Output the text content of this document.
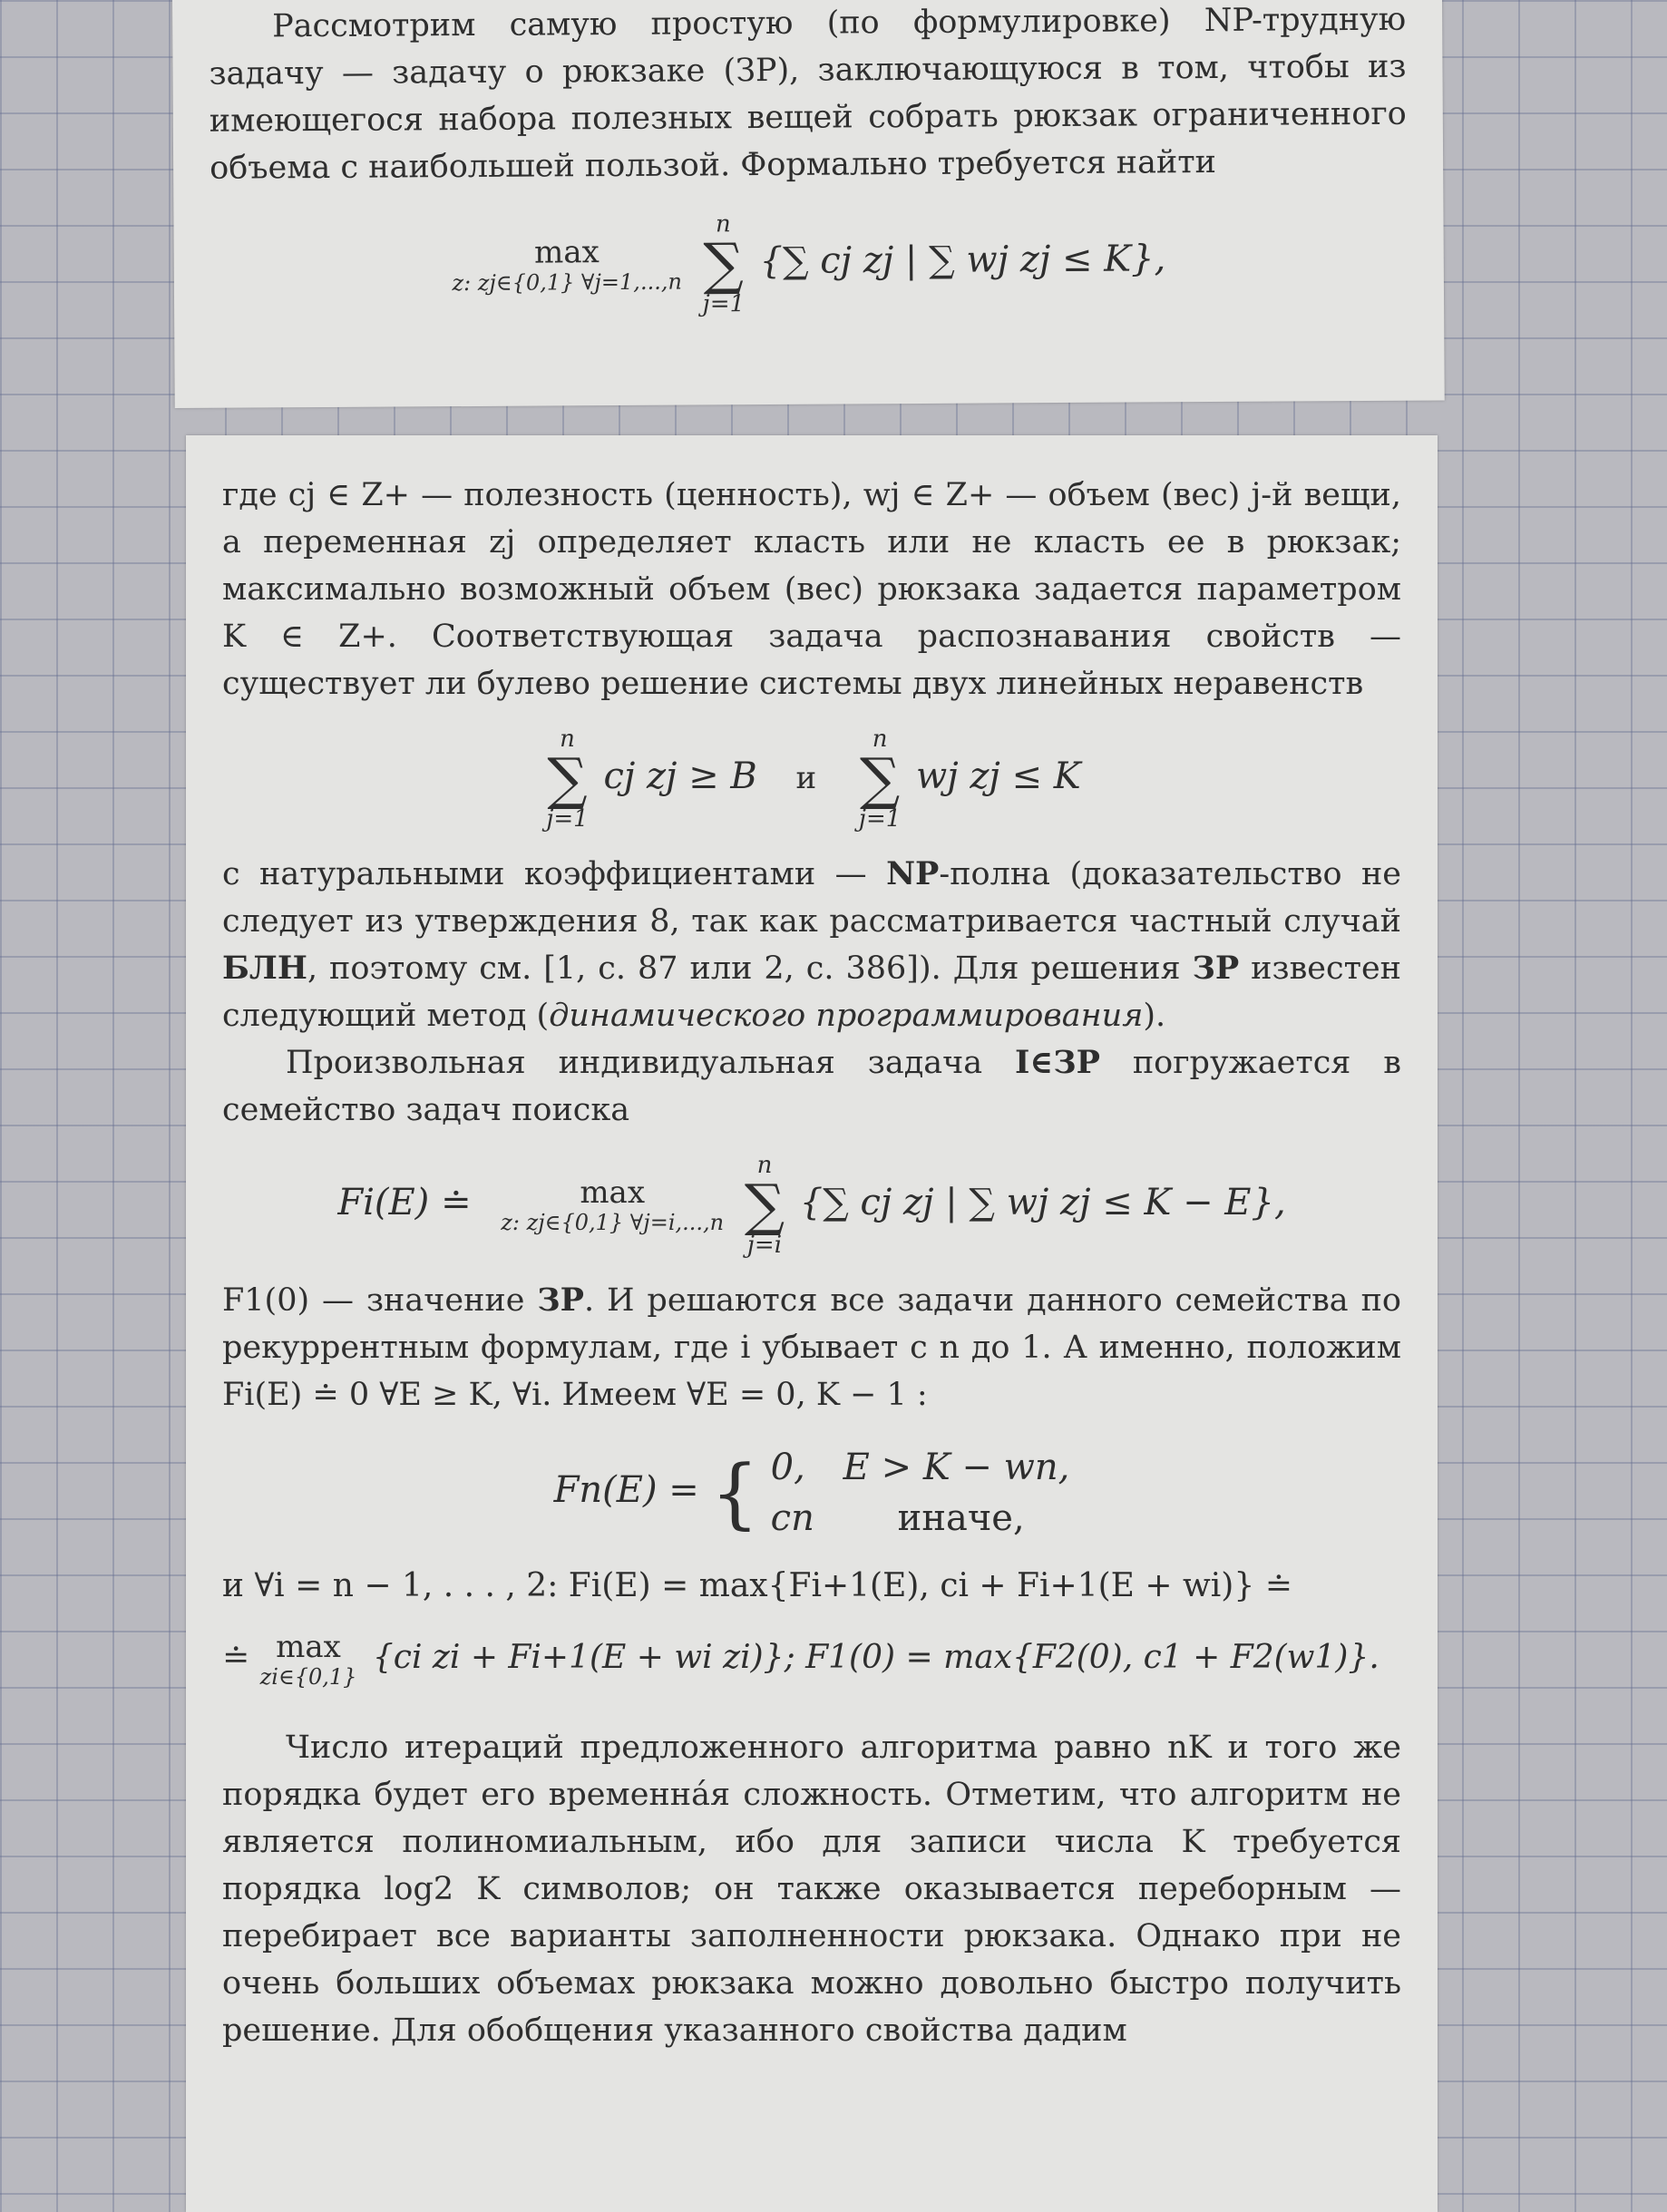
Рассмотрим самую простую (по формулировке) NP-трудную задачу — задачу о рюкзаке (ЗР), заключающуюся в том, чтобы из имеющегося набора полезных вещей собрать рюкзак ограниченного объема с наибольшей пользой. Формально требуется найти

max
z: zj∈{0,1} ∀j=1,...,n

n
∑
j=1
{∑ cj zj | ∑ wj zj ≤ K},

где cj ∈ Z+ — полезность (ценность), wj ∈ Z+ — объем (вес) j-й вещи, а переменная zj определяет класть или не класть ее в рюкзак; максимально возможный объем (вес) рюкзака задается параметром K ∈ Z+. Соответствующая задача распознавания свойств — существует ли булево решение системы двух линейных неравенств

n
∑
j=1
cj zj ≥ B и
n
∑
j=1
wj zj ≤ K

с натуральными коэффициентами — NP-полна (доказательство не следует из утверждения 8, так как рассматривается частный случай БЛН, поэтому см. [1, с. 87 или 2, с. 386]). Для решения ЗР известен следующий метод (динамического программирования).

Произвольная индивидуальная задача I∈ЗР погружается в семейство задач поиска

Fi(E) ≐	max
z: zj∈{0,1} ∀j=i,...,n

n
∑
j=i
{∑ cj zj | ∑ wj zj ≤ K − E},

F1(0) — значение ЗР. И решаются все задачи данного семейства по рекуррентным формулам, где i убывает с n до 1. А именно, положим Fi(E) ≐ 0 ∀E ≥ K, ∀i. Имеем ∀E = 0, K − 1 :

Fn(E) = { 0, E > K − wn,
cn иначе,

и ∀i = n − 1, . . . , 2: Fi(E) = max{Fi+1(E), ci + Fi+1(E + wi)} ≐

≐ max
zi∈{0,1}
{ci zi + Fi+1(E + wi zi)}; F1(0) = max{F2(0), c1 + F2(w1)}.

Число итераций предложенного алгоритма равно nK и того же порядка будет его временна́я сложность. Отметим, что алгоритм не является полиномиальным, ибо для записи числа K требуется порядка log2 K символов; он также оказывается переборным — перебирает все варианты заполненности рюкзака. Однако при не очень больших объемах рюкзака можно довольно быстро получить решение. Для обобщения указанного свойства дадим
